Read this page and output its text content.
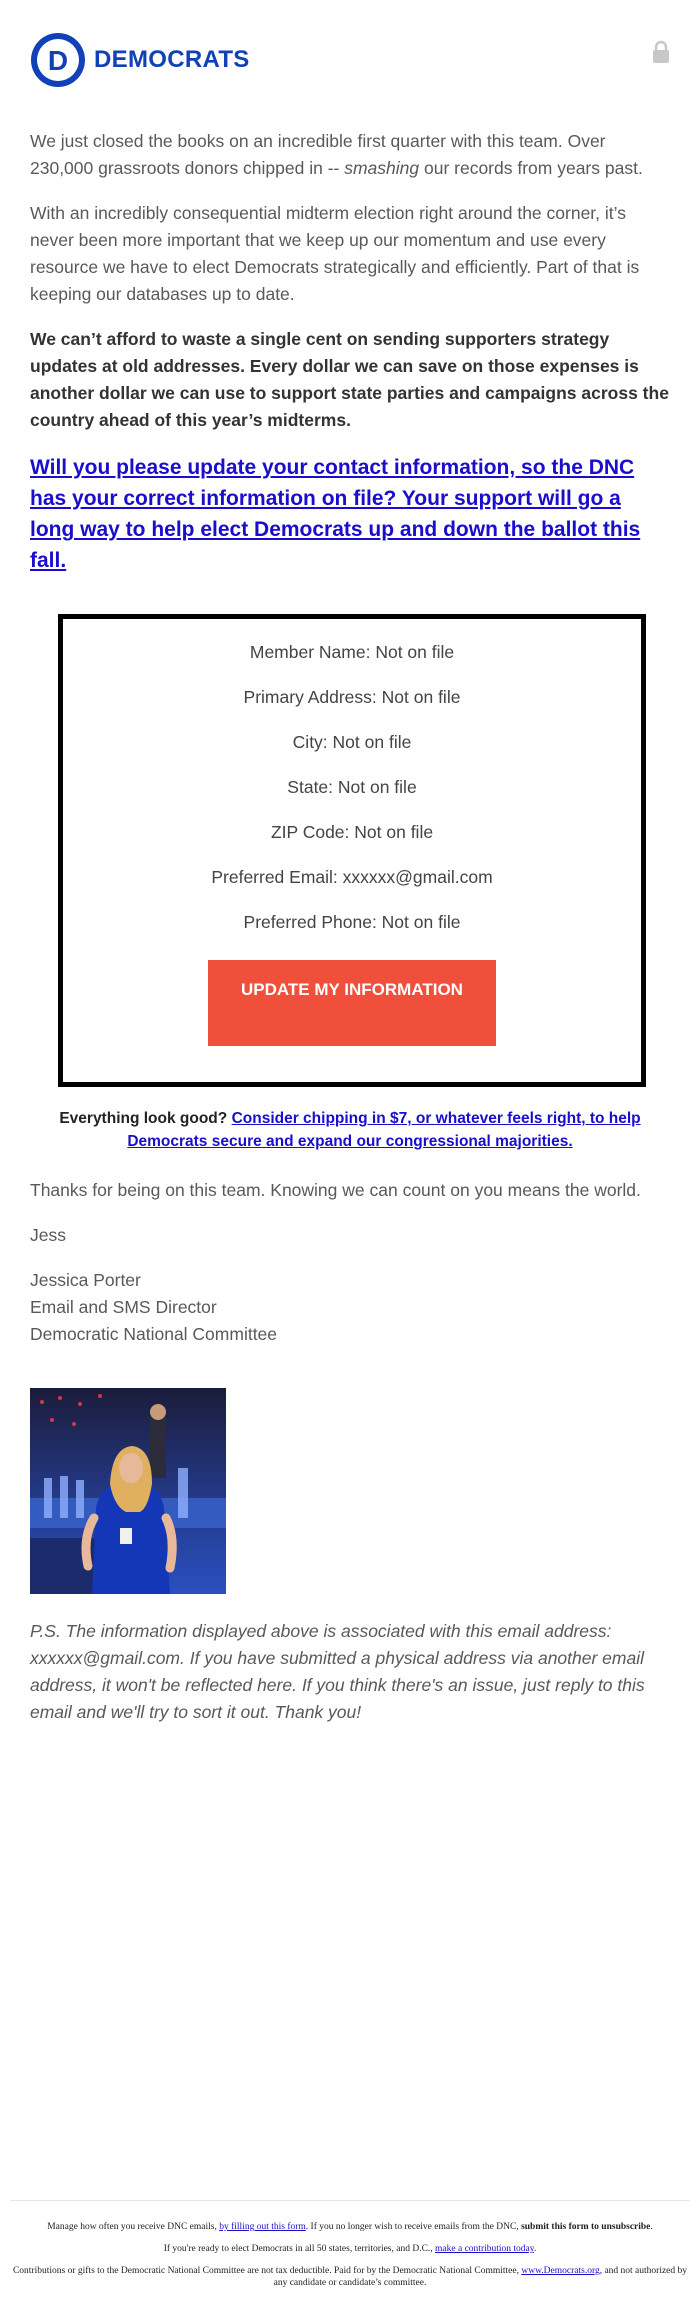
D DEMOCRATS

We just closed the books on an incredible first quarter with this team. Over 230,000 grassroots donors chipped in -- smashing our records from years past.

With an incredibly consequential midterm election right around the corner, it’s never been more important that we keep up our momentum and use every resource we have to elect Democrats strategically and efficiently. Part of that is keeping our databases up to date.

We can’t afford to waste a single cent on sending supporters strategy updates at old addresses. Every dollar we can save on those expenses is another dollar we can use to support state parties and campaigns across the country ahead of this year’s midterms.

Will you please update your contact information, so the DNC has your correct information on file? Your support will go a long way to help elect Democrats up and down the ballot this fall.

Member Name: Not on file

Primary Address: Not on file

City: Not on file

State: Not on file

ZIP Code: Not on file

Preferred Email: xxxxxx@gmail.com

Preferred Phone: Not on file

UPDATE MY INFORMATION

Everything look good? Consider chipping in $7, or whatever feels right, to help Democrats secure and expand our congressional majorities.

Thanks for being on this team. Knowing we can count on you means the world.

Jess

Jessica Porter

Email and SMS Director

Democratic National Committee

P.S. The information displayed above is associated with this email address: xxxxxx@gmail.com. If you have submitted a physical address via another email address, it won't be reflected here. If you think there's an issue, just reply to this email and we'll try to sort it out. Thank you!

Manage how often you receive DNC emails, by filling out this form. If you no longer wish to receive emails from the DNC, submit this form to unsubscribe.

If you're ready to elect Democrats in all 50 states, territories, and D.C., make a contribution today.

Contributions or gifts to the Democratic National Committee are not tax deductible. Paid for by the Democratic National Committee, www.Democrats.org, and not authorized by any candidate or candidate’s committee.
